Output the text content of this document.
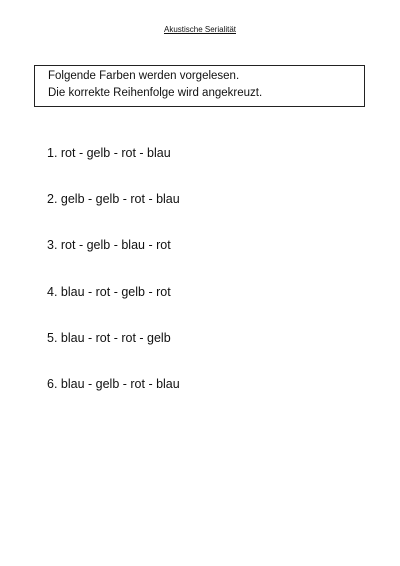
Akustische Serialität
Folgende Farben werden vorgelesen.
Die korrekte Reihenfolge wird angekreuzt.
1. rot - gelb - rot - blau
2. gelb - gelb - rot - blau
3. rot - gelb - blau - rot
4. blau - rot - gelb - rot
5. blau - rot - rot - gelb
6. blau - gelb - rot - blau
